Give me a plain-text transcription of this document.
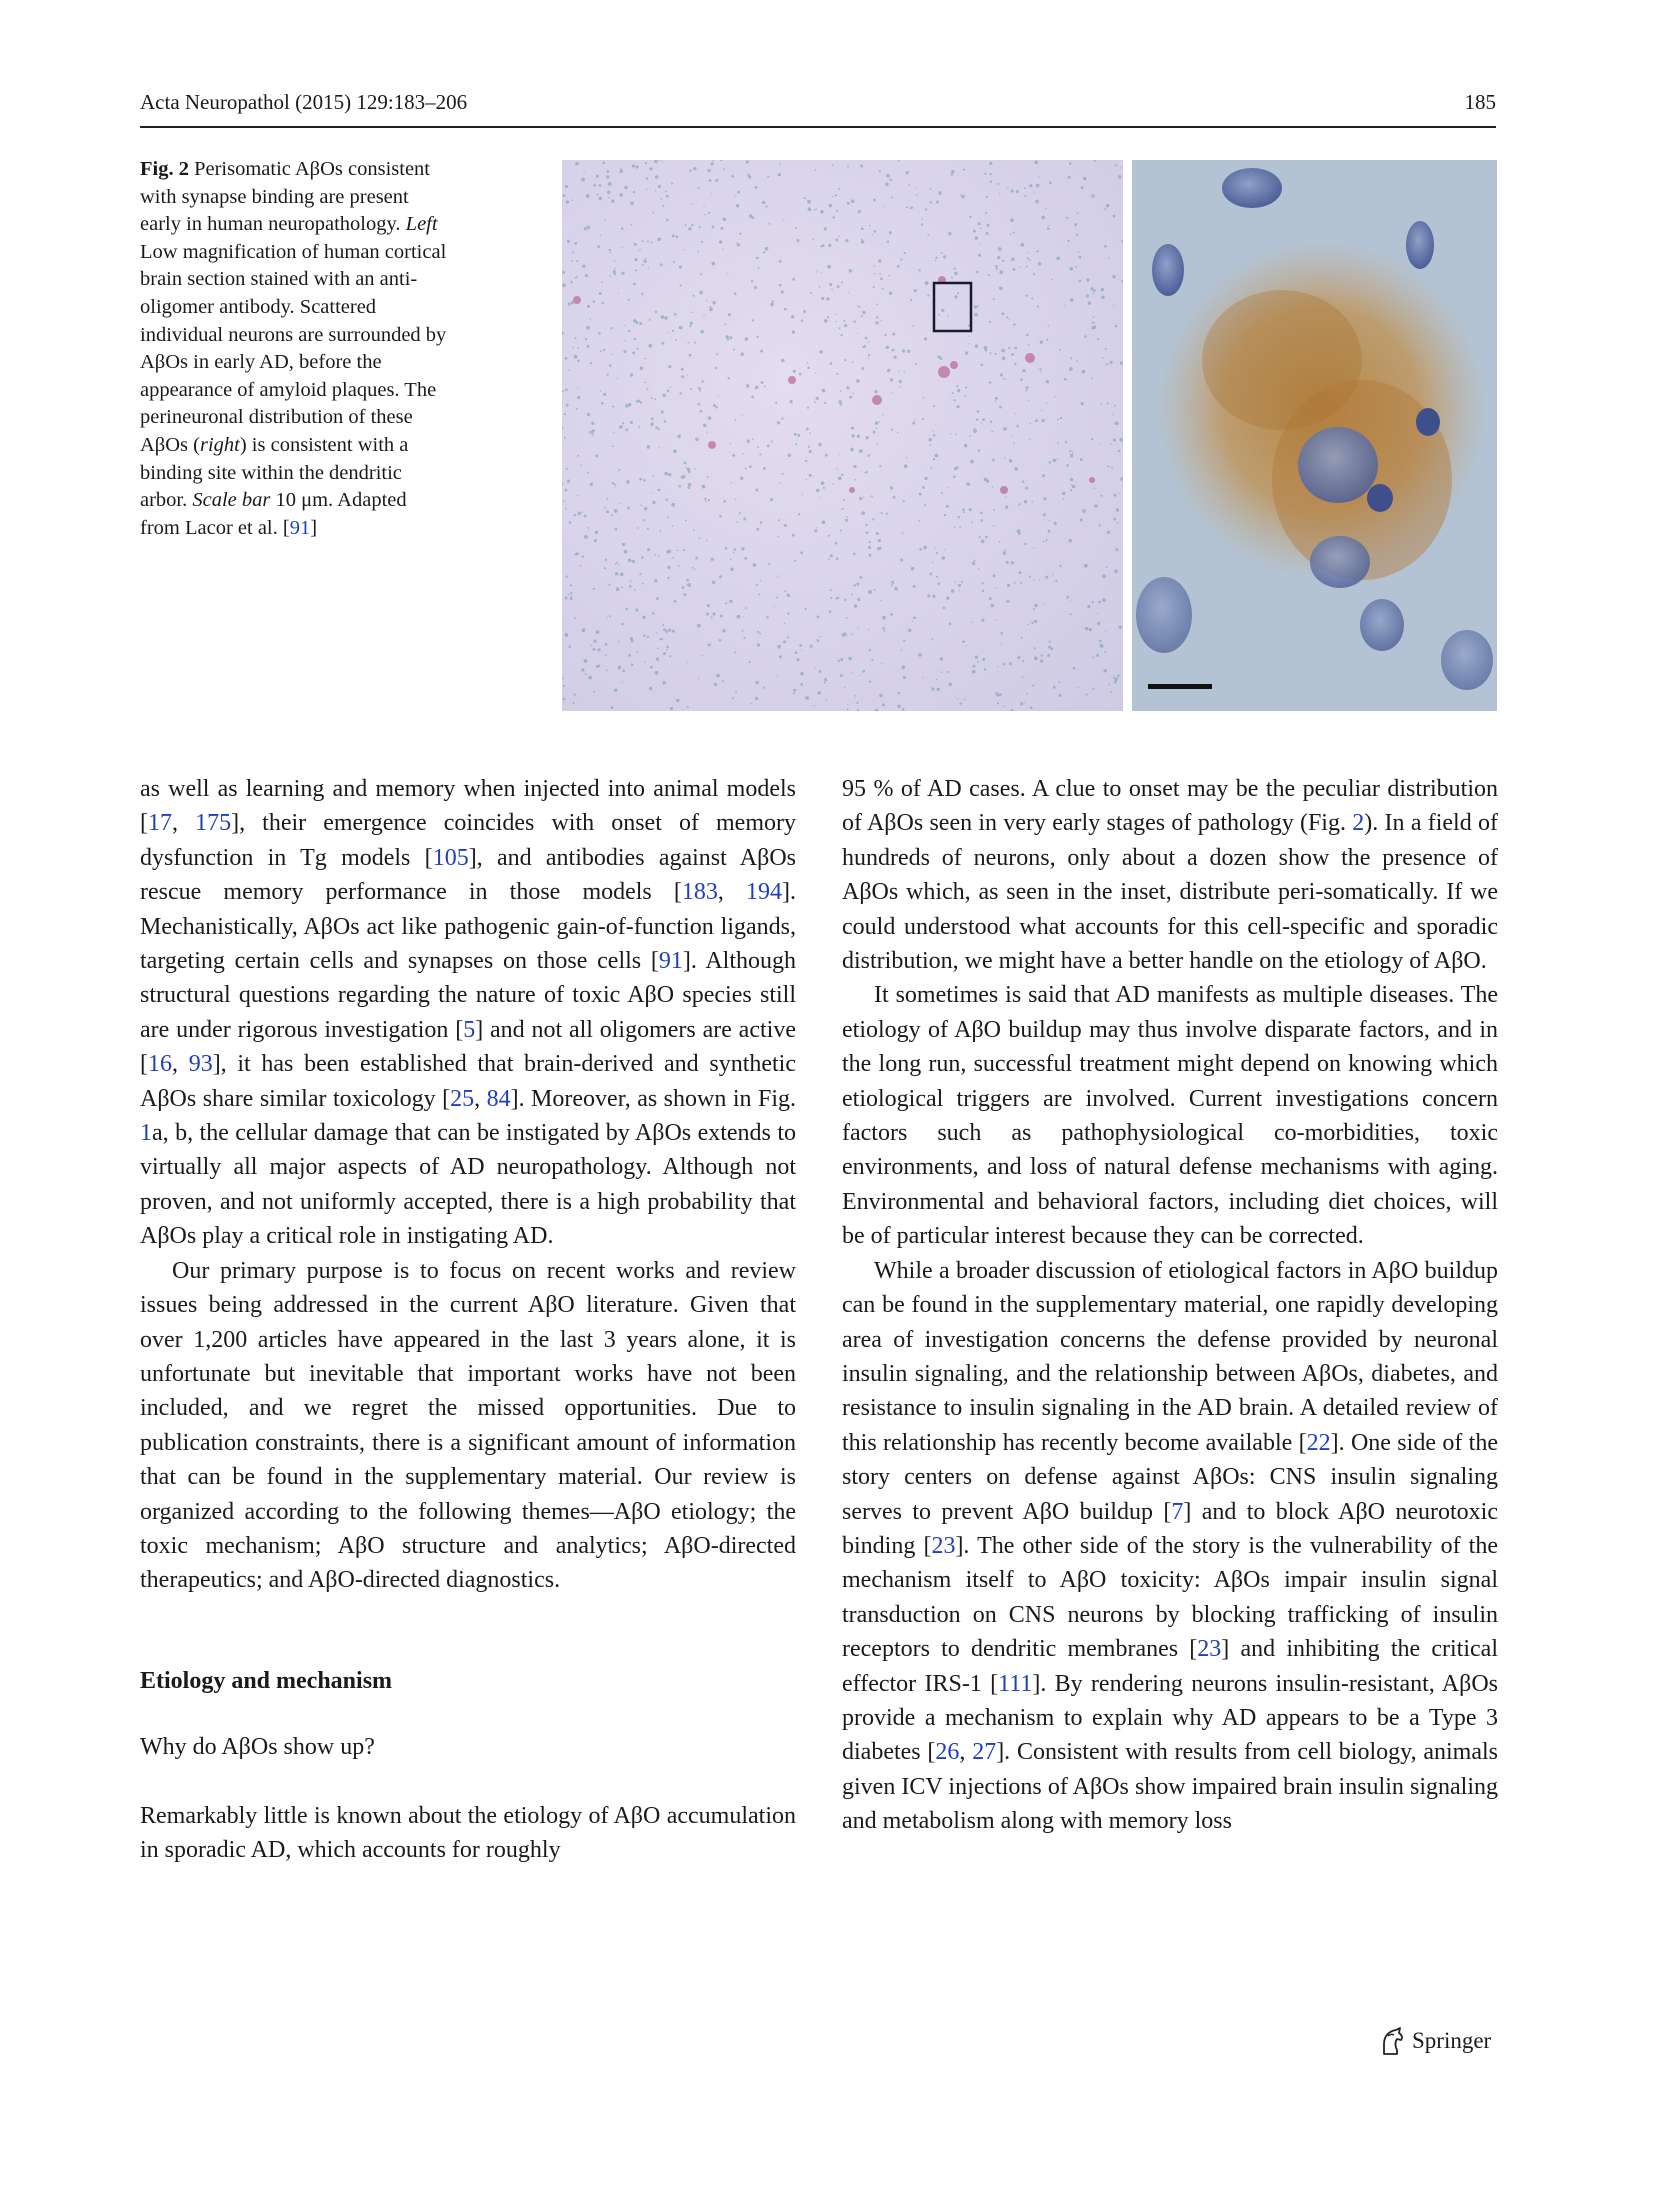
Acta Neuropathol (2015) 129:183–206	185
Fig. 2 Perisomatic AβOs consistent with synapse binding are present early in human neuropathology. Left Low magnification of human cortical brain section stained with an anti-oligomer antibody. Scattered individual neurons are surrounded by AβOs in early AD, before the appearance of amyloid plaques. The perineuronal distribution of these AβOs (right) is consistent with a binding site within the dendritic arbor. Scale bar 10 μm. Adapted from Lacor et al. [91]

as well as learning and memory when injected into animal models [17, 175], their emergence coincides with onset of memory dysfunction in Tg models [105], and antibodies against AβOs rescue memory performance in those models [183, 194]. Mechanistically, AβOs act like pathogenic gain-of-function ligands, targeting certain cells and synapses on those cells [91]. Although structural questions regarding the nature of toxic AβO species still are under rigorous investigation [5] and not all oligomers are active [16, 93], it has been established that brain-derived and synthetic AβOs share similar toxicology [25, 84]. Moreover, as shown in Fig. 1a, b, the cellular damage that can be instigated by AβOs extends to virtually all major aspects of AD neuropathology. Although not proven, and not uniformly accepted, there is a high probability that AβOs play a critical role in instigating AD.

Our primary purpose is to focus on recent works and review issues being addressed in the current AβO literature. Given that over 1,200 articles have appeared in the last 3 years alone, it is unfortunate but inevitable that important works have not been included, and we regret the missed opportunities. Due to publication constraints, there is a significant amount of information that can be found in the supplementary material. Our review is organized according to the following themes—AβO etiology; the toxic mechanism; AβO structure and analytics; AβO-directed therapeutics; and AβO-directed diagnostics.

Etiology and mechanism

Why do AβOs show up?

Remarkably little is known about the etiology of AβO accumulation in sporadic AD, which accounts for roughly

95 % of AD cases. A clue to onset may be the peculiar distribution of AβOs seen in very early stages of pathology (Fig. 2). In a field of hundreds of neurons, only about a dozen show the presence of AβOs which, as seen in the inset, distribute peri-somatically. If we could understood what accounts for this cell-specific and sporadic distribution, we might have a better handle on the etiology of AβO.

It sometimes is said that AD manifests as multiple diseases. The etiology of AβO buildup may thus involve disparate factors, and in the long run, successful treatment might depend on knowing which etiological triggers are involved. Current investigations concern factors such as pathophysiological co-morbidities, toxic environments, and loss of natural defense mechanisms with aging. Environmental and behavioral factors, including diet choices, will be of particular interest because they can be corrected.

While a broader discussion of etiological factors in AβO buildup can be found in the supplementary material, one rapidly developing area of investigation concerns the defense provided by neuronal insulin signaling, and the relationship between AβOs, diabetes, and resistance to insulin signaling in the AD brain. A detailed review of this relationship has recently become available [22]. One side of the story centers on defense against AβOs: CNS insulin signaling serves to prevent AβO buildup [7] and to block AβO neurotoxic binding [23]. The other side of the story is the vulnerability of the mechanism itself to AβO toxicity: AβOs impair insulin signal transduction on CNS neurons by blocking trafficking of insulin receptors to dendritic membranes [23] and inhibiting the critical effector IRS-1 [111]. By rendering neurons insulin-resistant, AβOs provide a mechanism to explain why AD appears to be a Type 3 diabetes [26, 27]. Consistent with results from cell biology, animals given ICV injections of AβOs show impaired brain insulin signaling and metabolism along with memory loss

Springer
